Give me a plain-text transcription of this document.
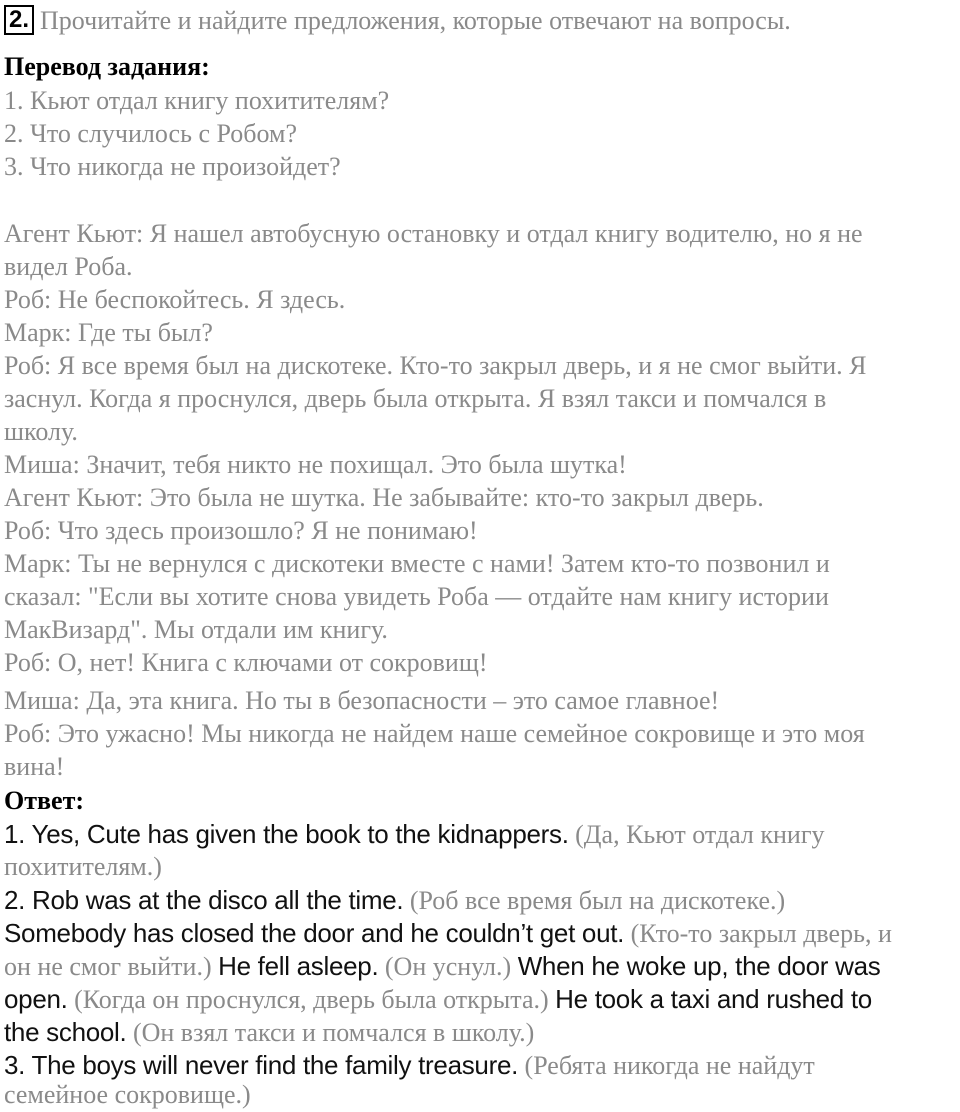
2. Прочитайте и найдите предложения, которые отвечают на вопросы.
Перевод задания:
1. Кьют отдал книгу похитителям?
2. Что случилось с Робом?
3. Что никогда не произойдет?
Агент Кьют: Я нашел автобусную остановку и отдал книгу водителю, но я не
видел Роба.
Роб: Не беспокойтесь. Я здесь.
Марк: Где ты был?
Роб: Я все время был на дискотеке. Кто-то закрыл дверь, и я не смог выйти. Я
заснул. Когда я проснулся, дверь была открыта. Я взял такси и помчался в
школу.
Миша: Значит, тебя никто не похищал. Это была шутка!
Агент Кьют: Это была не шутка. Не забывайте: кто-то закрыл дверь.
Роб: Что здесь произошло? Я не понимаю!
Марк: Ты не вернулся с дискотеки вместе с нами! Затем кто-то позвонил и
сказал: "Если вы хотите снова увидеть Роба — отдайте нам книгу истории
МакВизард". Мы отдали им книгу.
Роб: О, нет! Книга с ключами от сокровищ!
Миша: Да, эта книга. Но ты в безопасности – это самое главное!
Роб: Это ужасно! Мы никогда не найдем наше семейное сокровище и это моя
вина!
Ответ:
1. Yes, Cute has given the book to the kidnappers. (Да, Кьют отдал книгу
похитителям.)
2. Rob was at the disco all the time. (Роб все время был на дискотеке.)
Somebody has closed the door and he couldn’t get out. (Кто-то закрыл дверь, и
он не смог выйти.) He fell asleep. (Он уснул.) When he woke up, the door was
open. (Когда он проснулся, дверь была открыта.) He took a taxi and rushed to
the school. (Он взял такси и помчался в школу.)
3. The boys will never find the family treasure. (Ребята никогда не найдут
семейное сокровище.)
